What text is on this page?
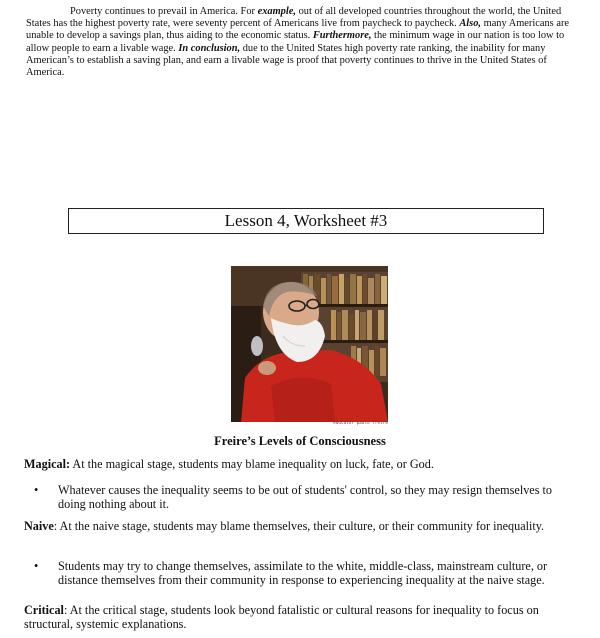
Poverty continues to prevail in America. For example, out of all developed countries throughout the world, the United States has the highest poverty rate, were seventy percent of Americans live from paycheck to paycheck. Also, many Americans are unable to develop a savings plan, thus aiding to the economic status. Furthermore, the minimum wage in our nation is too low to allow people to earn a livable wage. In conclusion, due to the United States high poverty rate ranking, the inability for many American’s to establish a saving plan, and earn a livable wage is proof that poverty continues to thrive in the United States of America.

Lesson 4, Worksheet #3
educator paulo freire
Freire’s Levels of Consciousness

Magical: At the magical stage, students may blame inequality on luck, fate, or God.

•	Whatever causes the inequality seems to be out of students' control, so they may resign themselves to doing nothing about it.

Naive: At the naive stage, students may blame themselves, their culture, or their community for inequality.

•	Students may try to change themselves, assimilate to the white, middle-class, mainstream culture, or distance themselves from their community in response to experiencing inequality at the naive stage.

Critical: At the critical stage, students look beyond fatalistic or cultural reasons for inequality to focus on structural, systemic explanations.
